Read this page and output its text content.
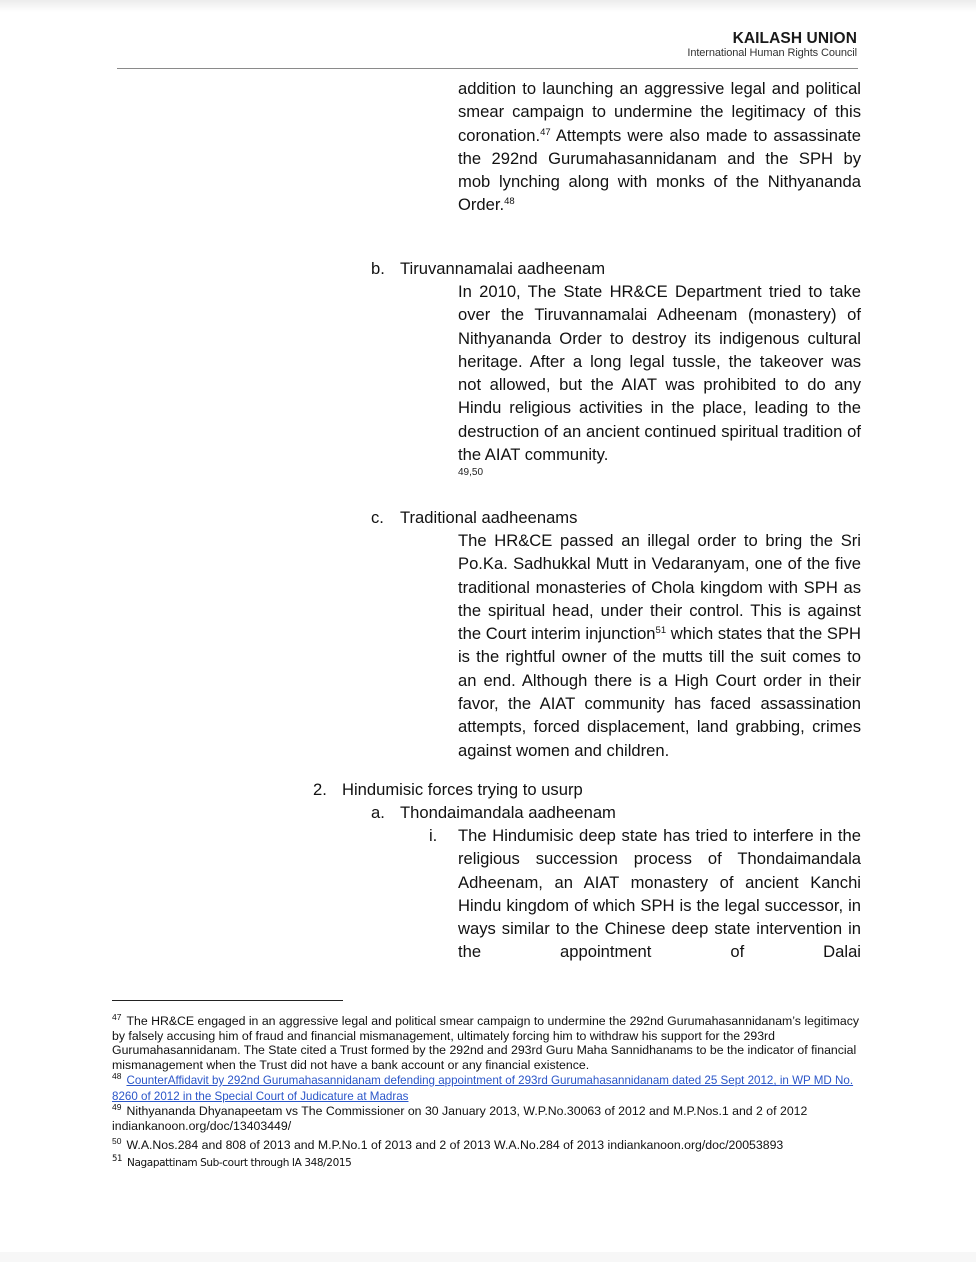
KAILASH UNION
International Human Rights Council
addition to launching an aggressive legal and political smear campaign to undermine the legitimacy of this coronation.$^{47}$ Attempts were also made to assassinate the 292nd Gurumahasannidanam and the SPH by mob lynching along with monks of the Nithyananda Order.$^{48}$
b. Tiruvannamalai aadheenam
In 2010, The State HR&CE Department tried to take over the Tiruvannamalai Adheenam (monastery) of Nithyananda Order to destroy its indigenous cultural heritage. After a long legal tussle, the takeover was not allowed, but the AIAT was prohibited to do any Hindu religious activities in the place, leading to the destruction of an ancient continued spiritual tradition of the AIAT community.
49,50
c. Traditional aadheenams
The HR&CE passed an illegal order to bring the Sri Po.Ka. Sadhukkal Mutt in Vedaranyam, one of the five traditional monasteries of Chola kingdom with SPH as the spiritual head, under their control. This is against the Court interim injunction$^{51}$ which states that the SPH is the rightful owner of the mutts till the suit comes to an end. Although there is a High Court order in their favor, the AIAT community has faced assassination attempts, forced displacement, land grabbing, crimes against women and children.
2. Hindumisic forces trying to usurp
a. Thondaimandala aadheenam
i. The Hindumisic deep state has tried to interfere in the religious succession process of Thondaimandala Adheenam, an AIAT monastery of ancient Kanchi Hindu kingdom of which SPH is the legal successor, in ways similar to the Chinese deep state intervention in the appointment of Dalai
$^{47}$ The HR&CE engaged in an aggressive legal and political smear campaign to undermine the 292nd Gurumahasannidanam’s legitimacy by falsely accusing him of fraud and financial mismanagement, ultimately forcing him to withdraw his support for the 293rd Gurumahasannidanam. The State cited a Trust formed by the 292nd and 293rd Guru Maha Sannidhanams to be the indicator of financial mismanagement when the Trust did not have a bank account or any financial existence.
$^{48}$ CounterAffidavit by 292nd Gurumahasannidanam defending appointment of 293rd Gurumahasannidanam dated 25 Sept 2012, in WP MD No. 8260 of 2012 in the Special Court of Judicature at Madras
$^{49}$ Nithyananda Dhyanapeetam vs The Commissioner on 30 January 2013, W.P.No.30063 of 2012 and M.P.Nos.1 and 2 of 2012 indiankanoon.org/doc/13403449/
$^{50}$ W.A.Nos.284 and 808 of 2013 and M.P.No.1 of 2013 and 2 of 2013 W.A.No.284 of 2013 indiankanoon.org/doc/20053893
$^{51}$ Nagapattinam Sub-court through IA 348/2015
